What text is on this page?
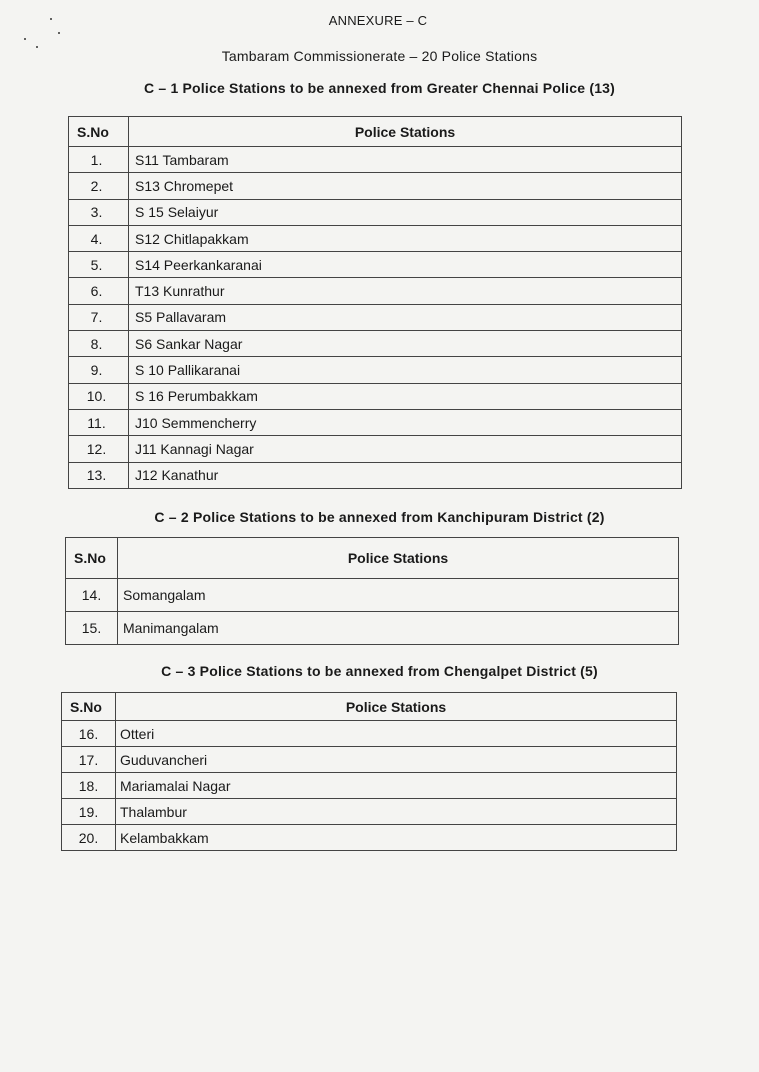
ANNEXURE – C
Tambaram Commissionerate – 20 Police Stations
C – 1 Police Stations to be annexed from Greater Chennai Police (13)
S.No	Police Stations
1.	S11 Tambaram
2.	S13 Chromepet
3.	S 15 Selaiyur
4.	S12 Chitlapakkam
5.	S14 Peerkankaranai
6.	T13 Kunrathur
7.	S5 Pallavaram
8.	S6 Sankar Nagar
9.	S 10 Pallikaranai
10.	S 16 Perumbakkam
11.	J10 Semmencherry
12.	J11 Kannagi Nagar
13.	J12 Kanathur
C – 2 Police Stations to be annexed from Kanchipuram District (2)
S.No	Police Stations
14.	Somangalam
15.	Manimangalam
C – 3 Police Stations to be annexed from Chengalpet District (5)
S.No	Police Stations
16.	Otteri
17.	Guduvancheri
18.	Mariamalai Nagar
19.	Thalambur
20.	Kelambakkam
